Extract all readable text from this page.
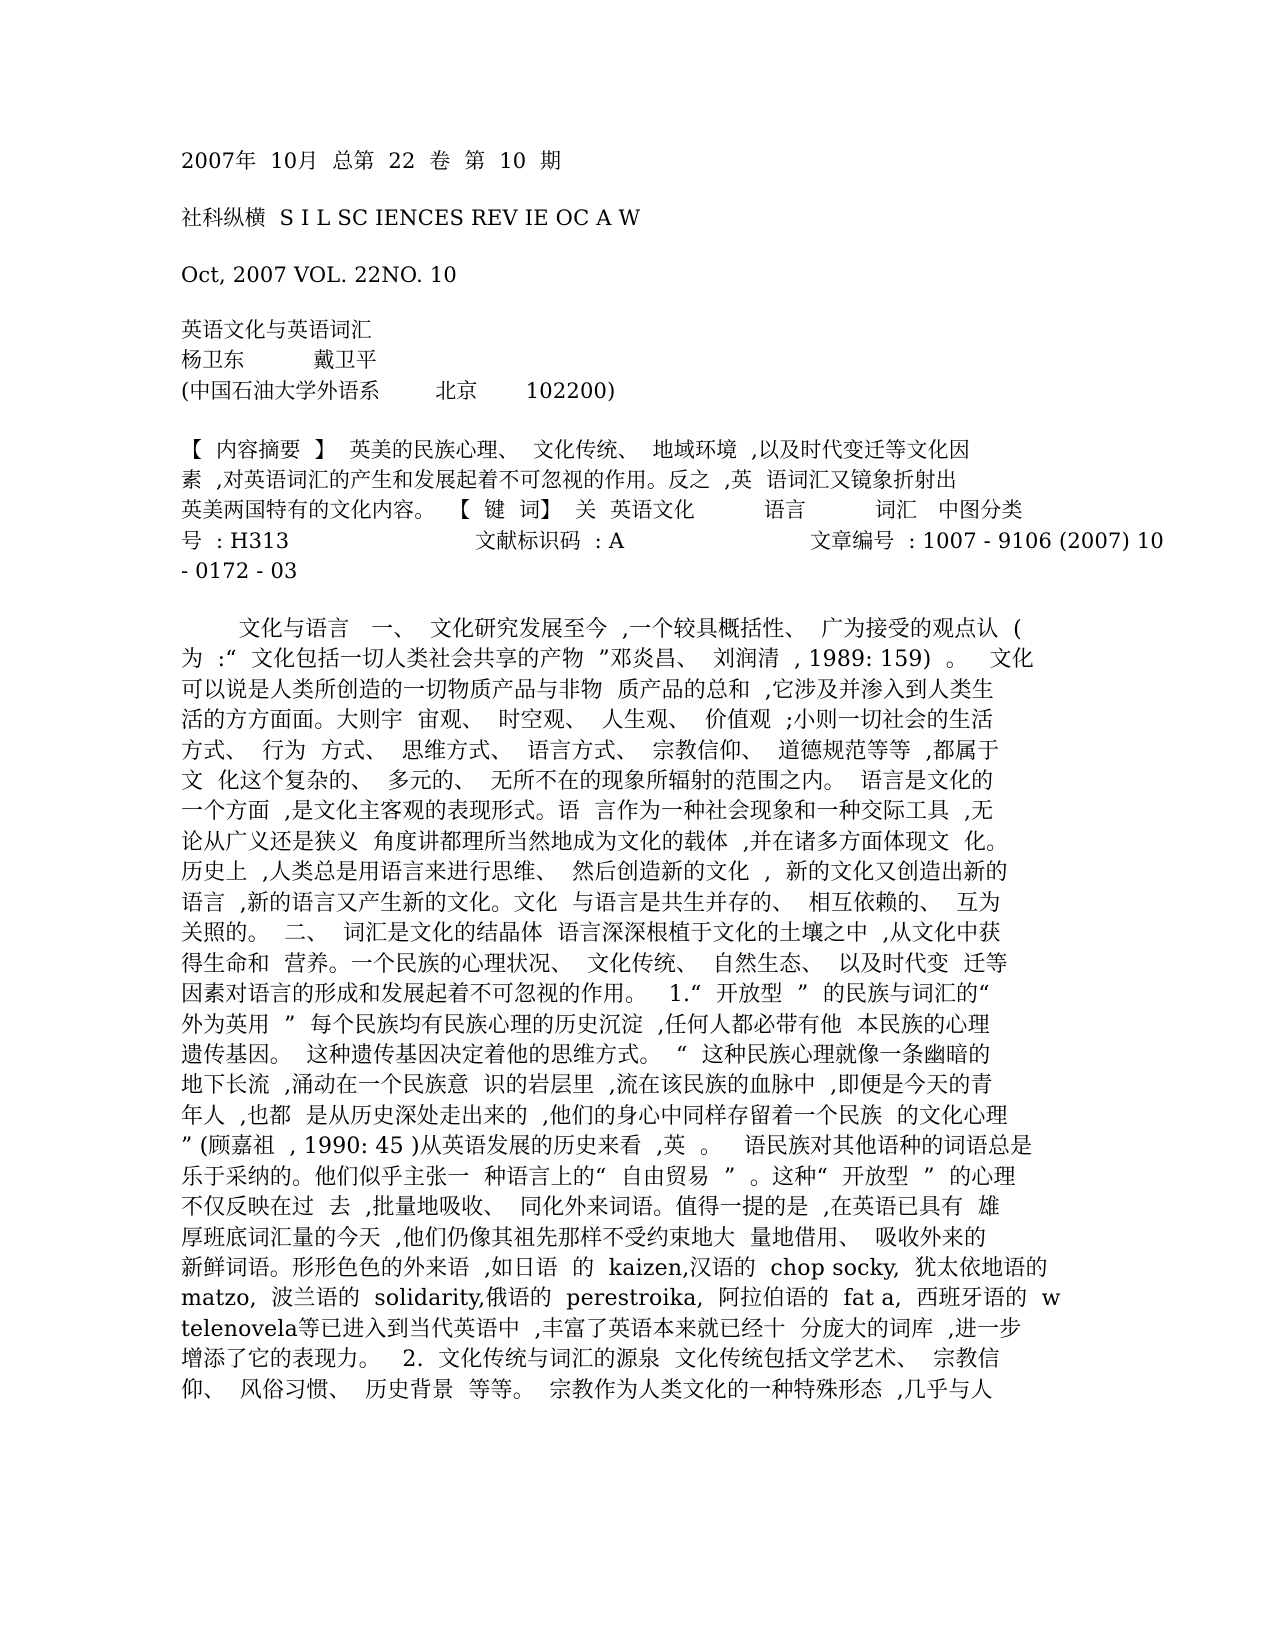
2007年  10月  总第  22  卷  第  10  期
社科纵横  S I L SC IENCES REV IE OC A W
Oct, 2007 VOL. 22NO. 10
英语文化与英语词汇
杨卫东          戴卫平
(中国石油大学外语系        北京       102200)
【  内容摘要  】  英美的民族心理、  文化传统、  地域环境  ,以及时代变迁等文化因
素  ,对英语词汇的产生和发展起着不可忽视的作用。反之  ,英  语词汇又镜象折射出
英美两国特有的文化内容。  【  键  词】  关  英语文化          语言          词汇   中图分类
号  : H313                           文献标识码  : A                           文章编号  : 1007 - 9106 (2007) 10
- 0172 - 03
文化与语言   一、  文化研究发展至今  ,一个较具概括性、  广为接受的观点认  (
为  :“  文化包括一切人类社会共享的产物  ”邓炎昌、  刘润清  , 1989: 159)  。   文化
可以说是人类所创造的一切物质产品与非物  质产品的总和  ,它涉及并渗入到人类生
活的方方面面。大则宇  宙观、  时空观、  人生观、  价值观  ;小则一切社会的生活
方式、  行为  方式、  思维方式、  语言方式、  宗教信仰、  道德规范等等  ,都属于
文  化这个复杂的、  多元的、  无所不在的现象所辐射的范围之内。  语言是文化的
一个方面  ,是文化主客观的表现形式。语  言作为一种社会现象和一种交际工具  ,无
论从广义还是狭义  角度讲都理所当然地成为文化的载体  ,并在诸多方面体现文  化。
历史上  ,人类总是用语言来进行思维、  然后创造新的文化  ,  新的文化又创造出新的
语言  ,新的语言又产生新的文化。文化  与语言是共生并存的、  相互依赖的、  互为
关照的。  二、  词汇是文化的结晶体  语言深深根植于文化的土壤之中  ,从文化中获
得生命和  营养。一个民族的心理状况、  文化传统、  自然生态、  以及时代变  迁等
因素对语言的形成和发展起着不可忽视的作用。   1.“  开放型  ”  的民族与词汇的“
外为英用  ”  每个民族均有民族心理的历史沉淀  ,任何人都必带有他  本民族的心理
遗传基因。  这种遗传基因决定着他的思维方式。  “  这种民族心理就像一条幽暗的
地下长流  ,涌动在一个民族意  识的岩层里  ,流在该民族的血脉中  ,即便是今天的青
年人  ,也都  是从历史深处走出来的  ,他们的身心中同样存留着一个民族  的文化心理
” (顾嘉祖  , 1990: 45 )从英语发展的历史来看  ,英  。   语民族对其他语种的词语总是
乐于采纳的。他们似乎主张一  种语言上的“  自由贸易  ”  。这种“  开放型  ”  的心理
不仅反映在过  去  ,批量地吸收、  同化外来词语。值得一提的是  ,在英语已具有  雄
厚班底词汇量的今天  ,他们仍像其祖先那样不受约束地大  量地借用、  吸收外来的
新鲜词语。形形色色的外来语  ,如日语  的  kaizen,汉语的  chop socky,  犹太依地语的
matzo,  波兰语的  solidarity,俄语的  perestroika,  阿拉伯语的  fat a,  西班牙语的  w
telenovela等已进入到当代英语中  ,丰富了英语本来就已经十  分庞大的词库  ,进一步
增添了它的表现力。   2.  文化传统与词汇的源泉  文化传统包括文学艺术、  宗教信
仰、  风俗习惯、  历史背景  等等。  宗教作为人类文化的一种特殊形态  ,几乎与人
